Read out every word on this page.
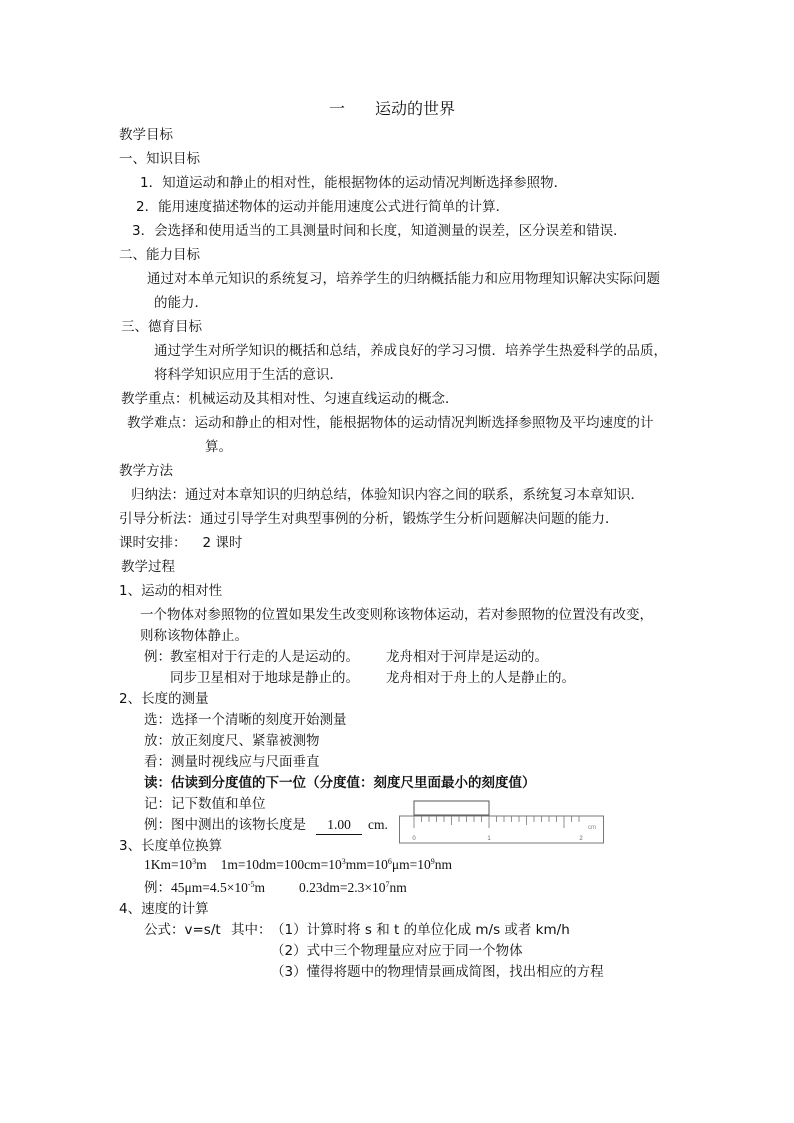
一 运动的世界
教学目标
一、知识目标
1．知道运动和静止的相对性，能根据物体的运动情况判断选择参照物．
2．能用速度描述物体的运动并能用速度公式进行简单的计算．
3．会选择和使用适当的工具测量时间和长度，知道测量的误差，区分误差和错误．
二、能力目标
通过对本单元知识的系统复习，培养学生的归纳概括能力和应用物理知识解决实际问题
的能力．
三、德育目标
通过学生对所学知识的概括和总结，养成良好的学习习惯．培养学生热爱科学的品质，
将科学知识应用于生活的意识．
教学重点：机械运动及其相对性、匀速直线运动的概念．
教学难点：运动和静止的相对性，能根据物体的运动情况判断选择参照物及平均速度的计
算。
教学方法
归纳法：通过对本章知识的归纳总结，体验知识内容之间的联系，系统复习本章知识．
引导分析法：通过引导学生对典型事例的分析，锻炼学生分析问题解决问题的能力．
课时安排： 2 课时
教学过程
1、运动的相对性
一个物体对参照物的位置如果发生改变则称该物体运动，若对参照物的位置没有改变，
则称该物体静止。
例： 教室相对于行走的人是运动的。 龙舟相对于河岸是运动的。
同步卫星相对于地球是静止的。 龙舟相对于舟上的人是静止的。
2、长度的测量
选：选择一个清晰的刻度开始测量
放：放正刻度尺、紧靠被测物
看：测量时视线应与尺面垂直
读：估读到分度值的下一位（分度值：刻度尺里面最小的刻度值）
记：记下数值和单位
例：图中测出的该物长度是 1.00 cm.
0	1	2
cm
3、长度单位换算
$1Km=10^3m$ $1m=10dm=100cm=10^3mm=10^6\mu m=10^9nm$
例：$45\mu m=4.5\times 10^{-5}m$	$0.23dm=2.3\times 10^7nm$
4、速度的计算
公式：v=s/t 其中： （1）计算时将 s 和 t 的单位化成 m/s 或者 km/h
（2）式中三个物理量应对应于同一个物体
（3）懂得将题中的物理情景画成简图，找出相应的方程
